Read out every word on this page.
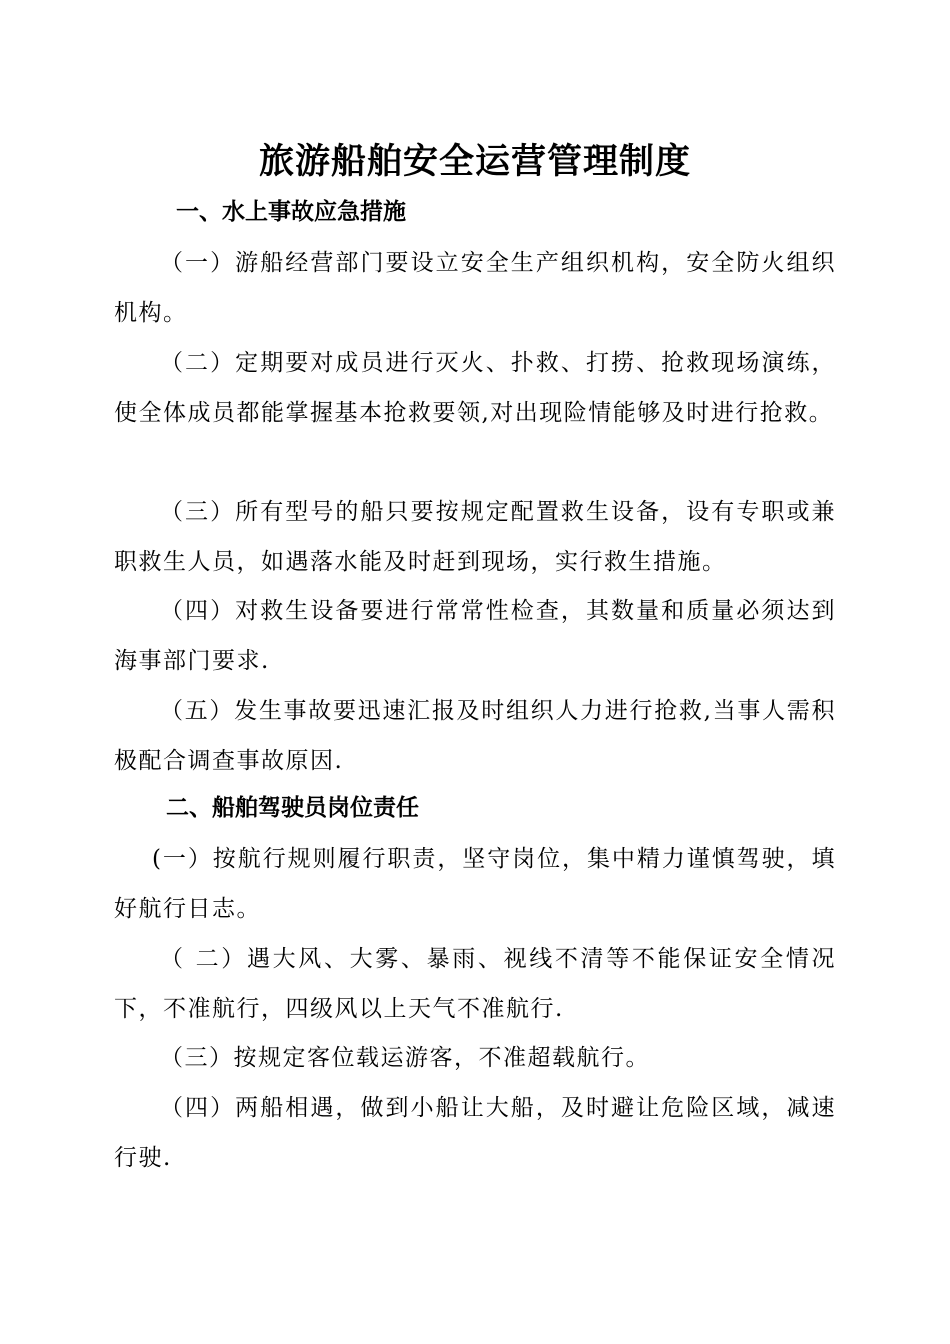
旅游船舶安全运营管理制度
一、水上事故应急措施

（一）游船经营部门要设立安全生产组织机构，安全防火组织机构。

（二）定期要对成员进行灭火、扑救、打捞、抢救现场演练，使全体成员都能掌握基本抢救要领,对出现险情能够及时进行抢救。

（三）所有型号的船只要按规定配置救生设备，设有专职或兼职救生人员，如遇落水能及时赶到现场，实行救生措施。

（四）对救生设备要进行常常性检查，其数量和质量必须达到海事部门要求.

（五）发生事故要迅速汇报及时组织人力进行抢救,当事人需积极配合调查事故原因.

二、船舶驾驶员岗位责任

(一）按航行规则履行职责，坚守岗位，集中精力谨慎驾驶，填好航行日志。

（ 二）遇大风、大雾、暴雨、视线不清等不能保证安全情况下，不准航行，四级风以上天气不准航行.

（三）按规定客位载运游客，不准超载航行。

（四）两船相遇，做到小船让大船，及时避让危险区域，减速行驶.
